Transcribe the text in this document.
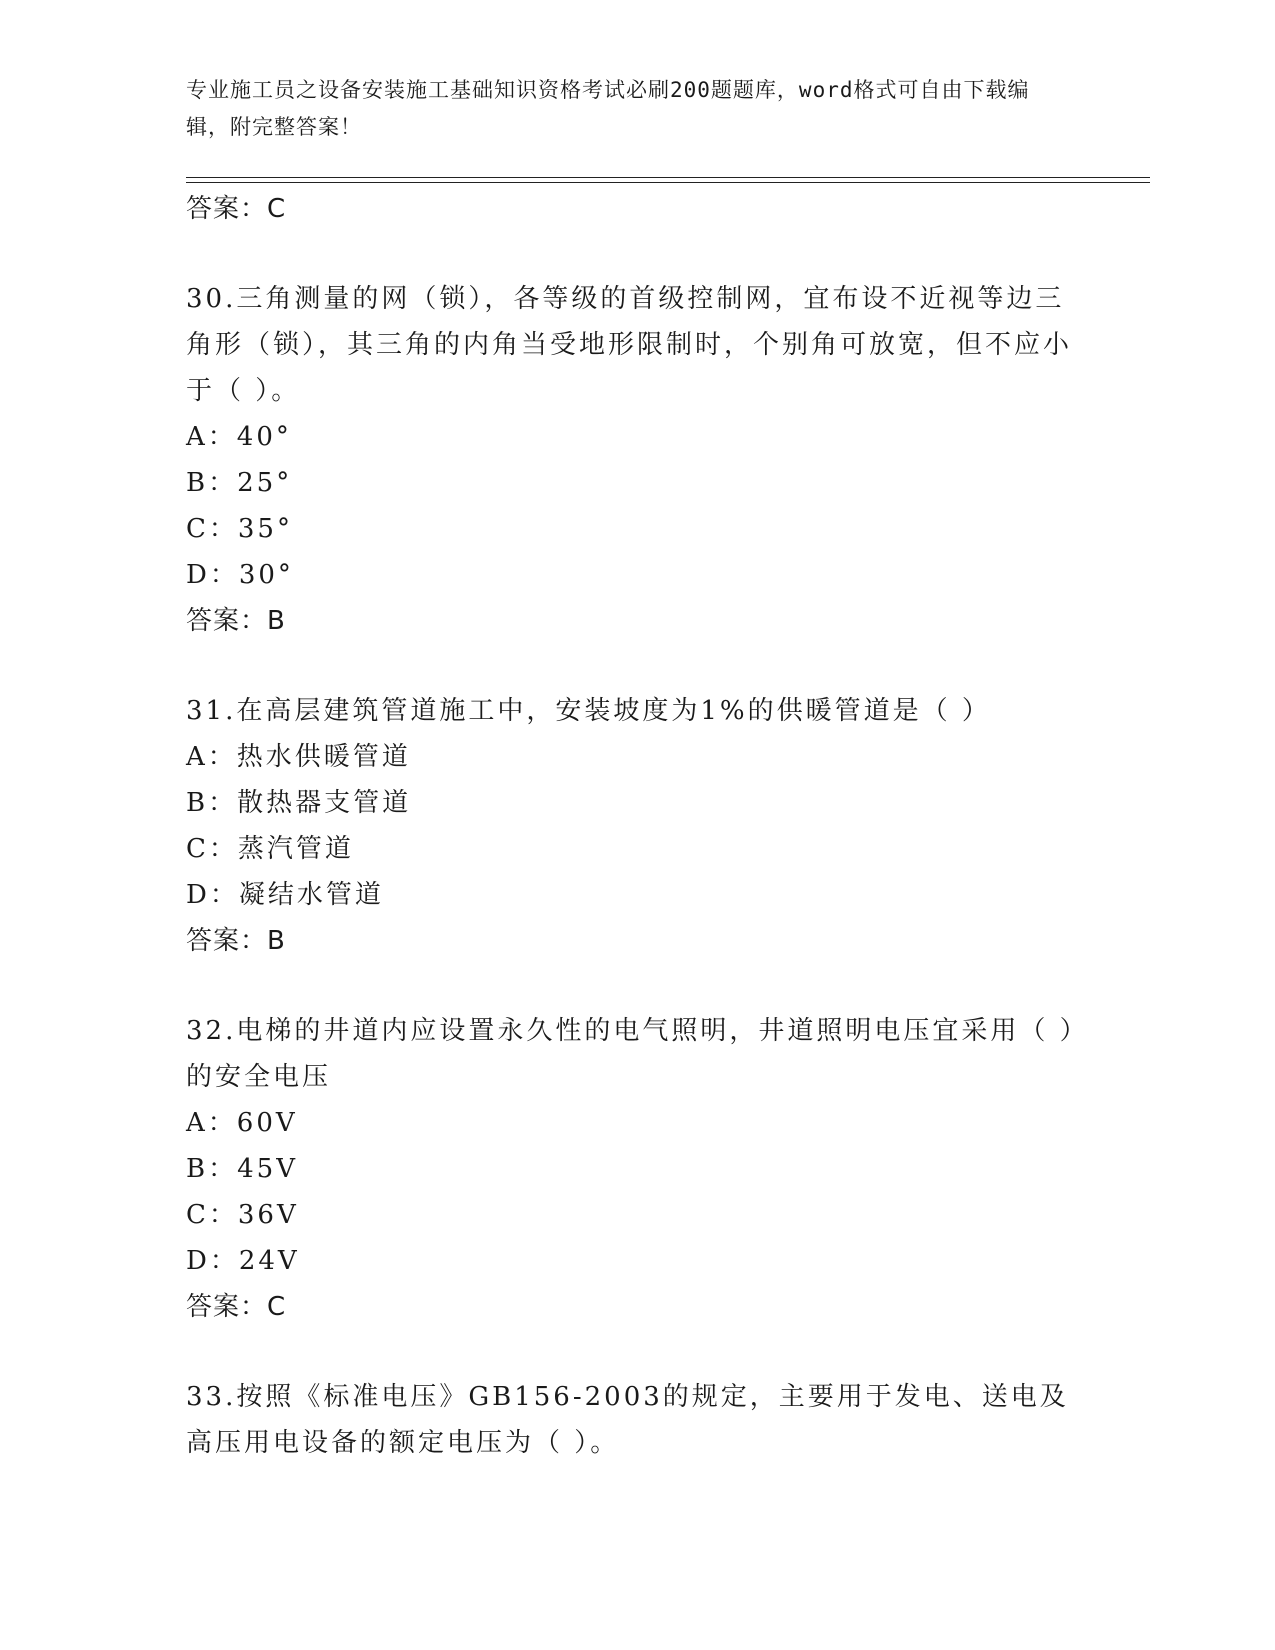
专业施工员之设备安装施工基础知识资格考试必刷200题题库，word格式可自由下载编辑，附完整答案！

答案：C

30.三角测量的网（锁），各等级的首级控制网，宜布设不近视等边三角形（锁），其三角的内角当受地形限制时，个别角可放宽，但不应小于（ ）。

A：40°

B：25°

C：35°

D：30°

答案：B

31.在高层建筑管道施工中，安装坡度为1%的供暖管道是（ ）

A：热水供暖管道

B：散热器支管道

C：蒸汽管道

D：凝结水管道

答案：B

32.电梯的井道内应设置永久性的电气照明，井道照明电压宜采用（ ）的安全电压

A：60V

B：45V

C：36V

D：24V

答案：C

33.按照《标准电压》GB156-2003的规定，主要用于发电、送电及高压用电设备的额定电压为（ ）。
